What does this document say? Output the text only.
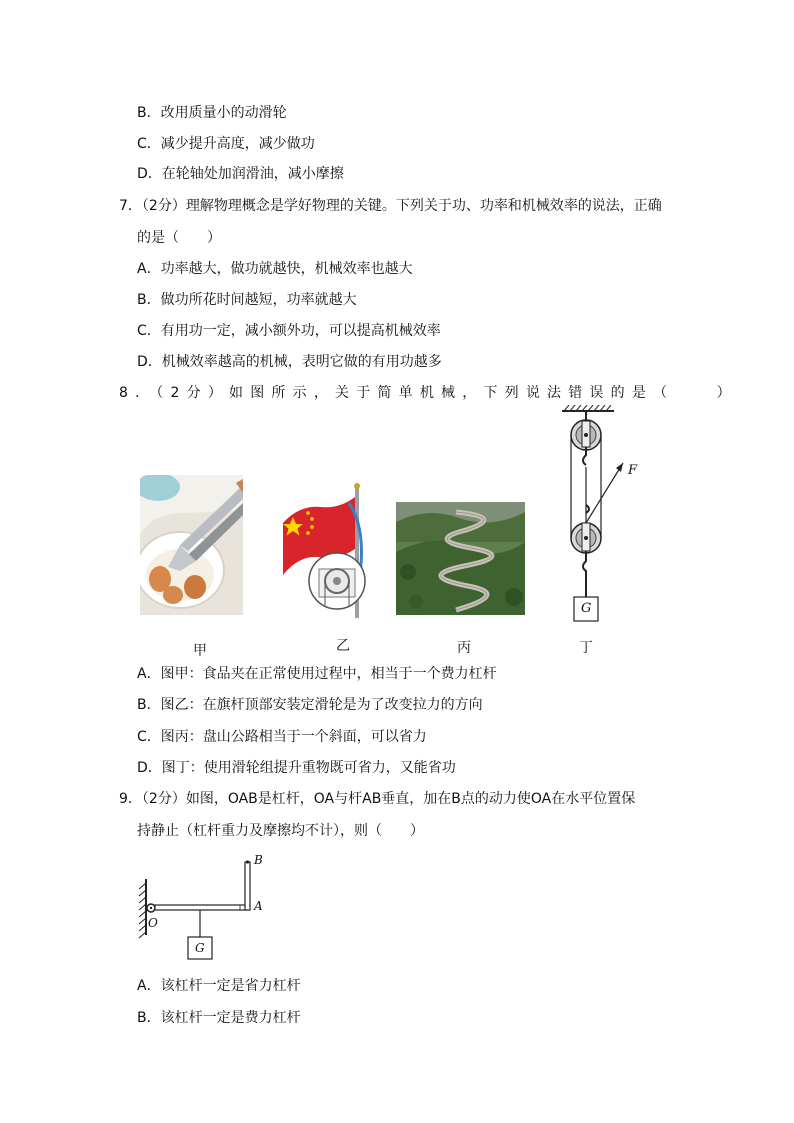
B．改用质量小的动滑轮
C．减少提升高度，减少做功
D．在轮轴处加润滑油，减小摩擦
7．（2分）理解物理概念是学好物理的关键。下列关于功、功率和机械效率的说法，正确
的是（　　）
A．功率越大，做功就越快，机械效率也越大
B．做功所花时间越短，功率就越大
C．有用功一定，减小额外功，可以提高机械效率
D．机械效率越高的机械，表明它做的有用功越多
8．（2分）如图所示，关于简单机械，下列说法错误的是（　　）
甲	乙	丙
F
G
丁
A．图甲：食品夹在正常使用过程中，相当于一个费力杠杆
B．图乙：在旗杆顶部安装定滑轮是为了改变拉力的方向
C．图丙：盘山公路相当于一个斜面，可以省力
D．图丁：使用滑轮组提升重物既可省力，又能省功
9．（2分）如图，OAB是杠杆，OA与杆AB垂直，加在B点的动力使OA在水平位置保
持静止（杠杆重力及摩擦均不计），则（　　）
B
A
O
G
A．该杠杆一定是省力杠杆
B．该杠杆一定是费力杠杆
